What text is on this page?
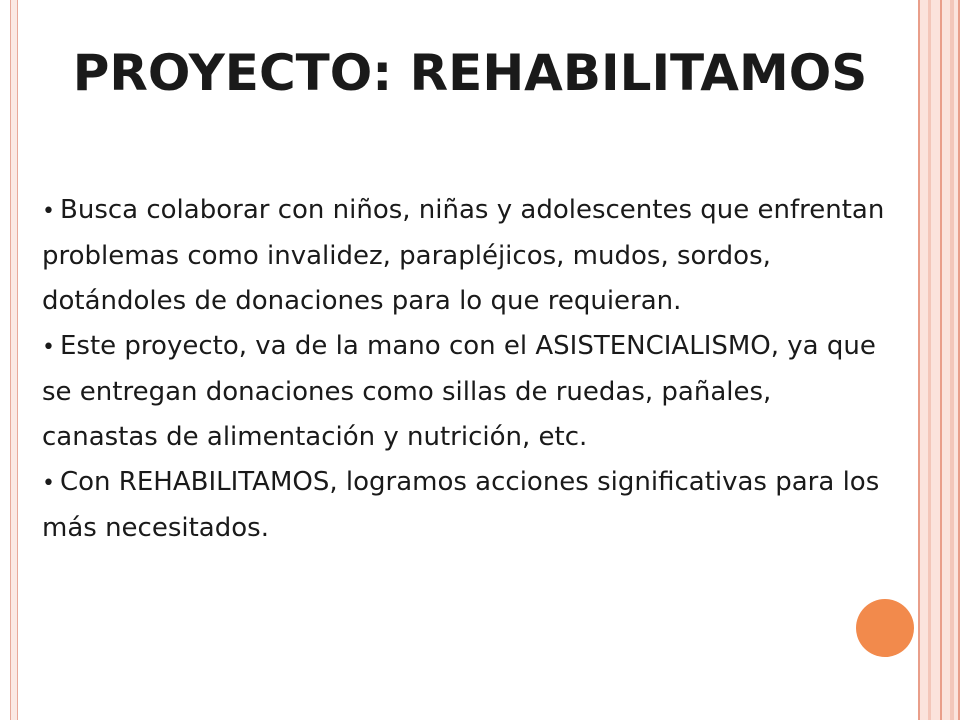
PROYECTO: REHABILITAMOS
• Busca colaborar con niños, niñas y adolescentes que enfrentan problemas como invalidez, parapléjicos, mudos, sordos, dotándoles de donaciones para lo que requieran.
• Este proyecto, va de la mano con el ASISTENCIALISMO, ya que se entregan donaciones como sillas de ruedas, pañales, canastas de alimentación y nutrición, etc.
• Con REHABILITAMOS, logramos acciones significativas para los más necesitados.
